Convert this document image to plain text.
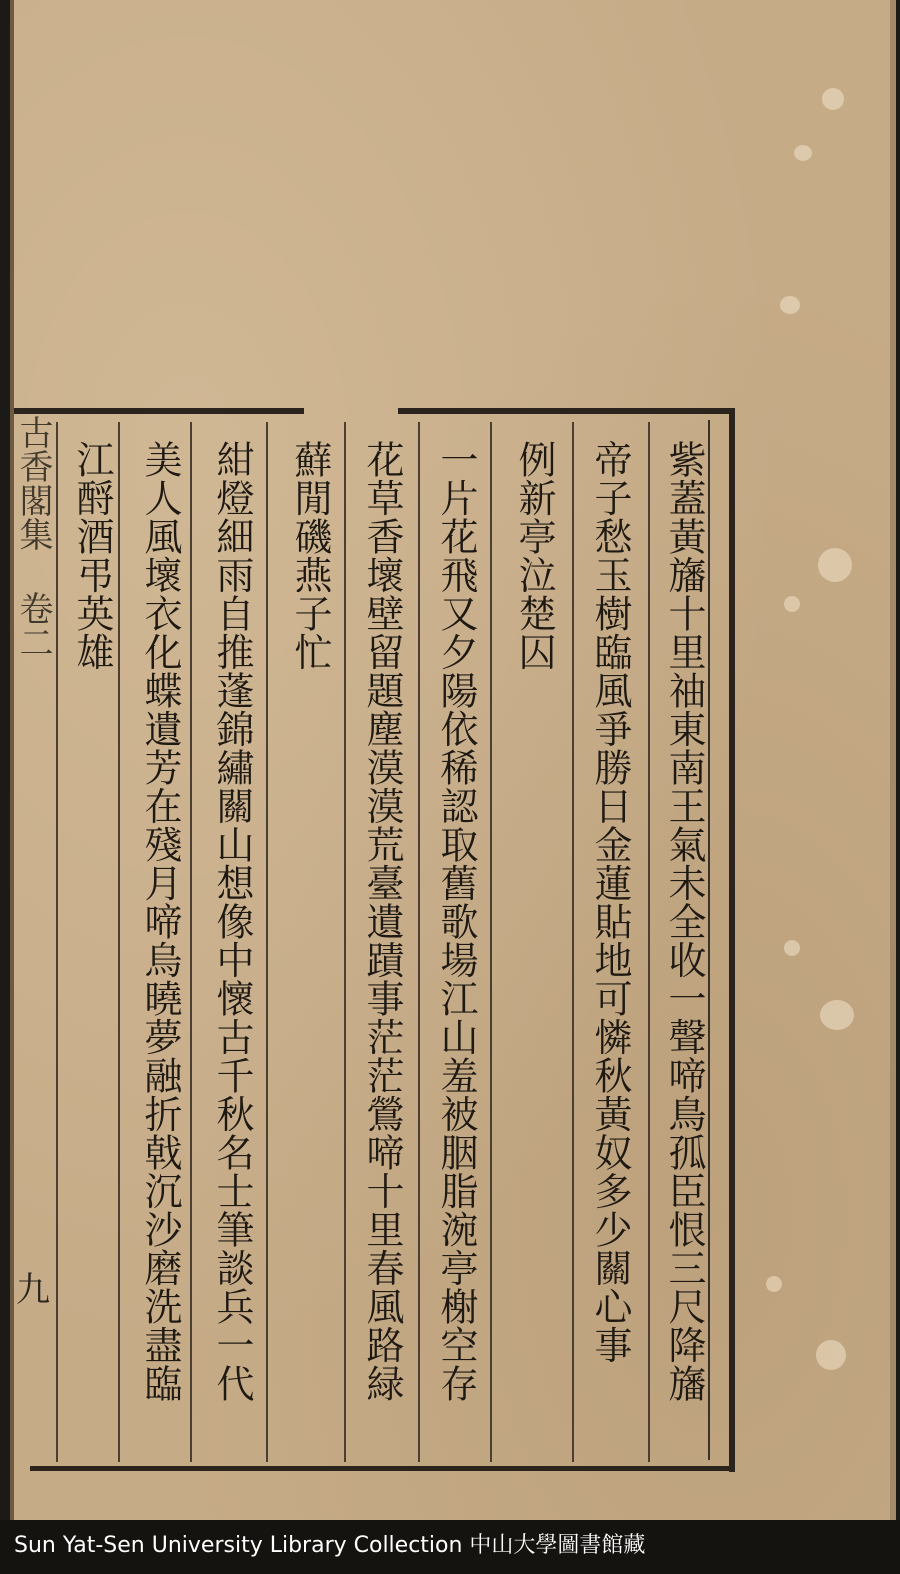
紫蓋黃旛十里䄂東南王氣未全收一聲啼鳥孤臣恨三尺降旛
帝子愁玉樹臨風爭勝日金蓮貼地可憐秋黃奴多少關心事
例新亭泣楚囚
一片花飛又夕陽依稀認取舊歌場江山羞被胭脂涴亭榭空存
花草香壞壁留題塵漠漠荒臺遺蹟事茫茫鶯啼十里春風路緑
蘚閒磯燕子忙
紺燈細雨自推蓬錦繡關山想像中懷古千秋名士筆談兵一代
美人風壞衣化蝶遺芳在殘月啼烏曉夢融折戟沉沙磨洗盡臨
江酹酒弔英雄
古香閣集 卷二
九
Sun Yat-Sen University Library Collection 中山大學圖書館藏
